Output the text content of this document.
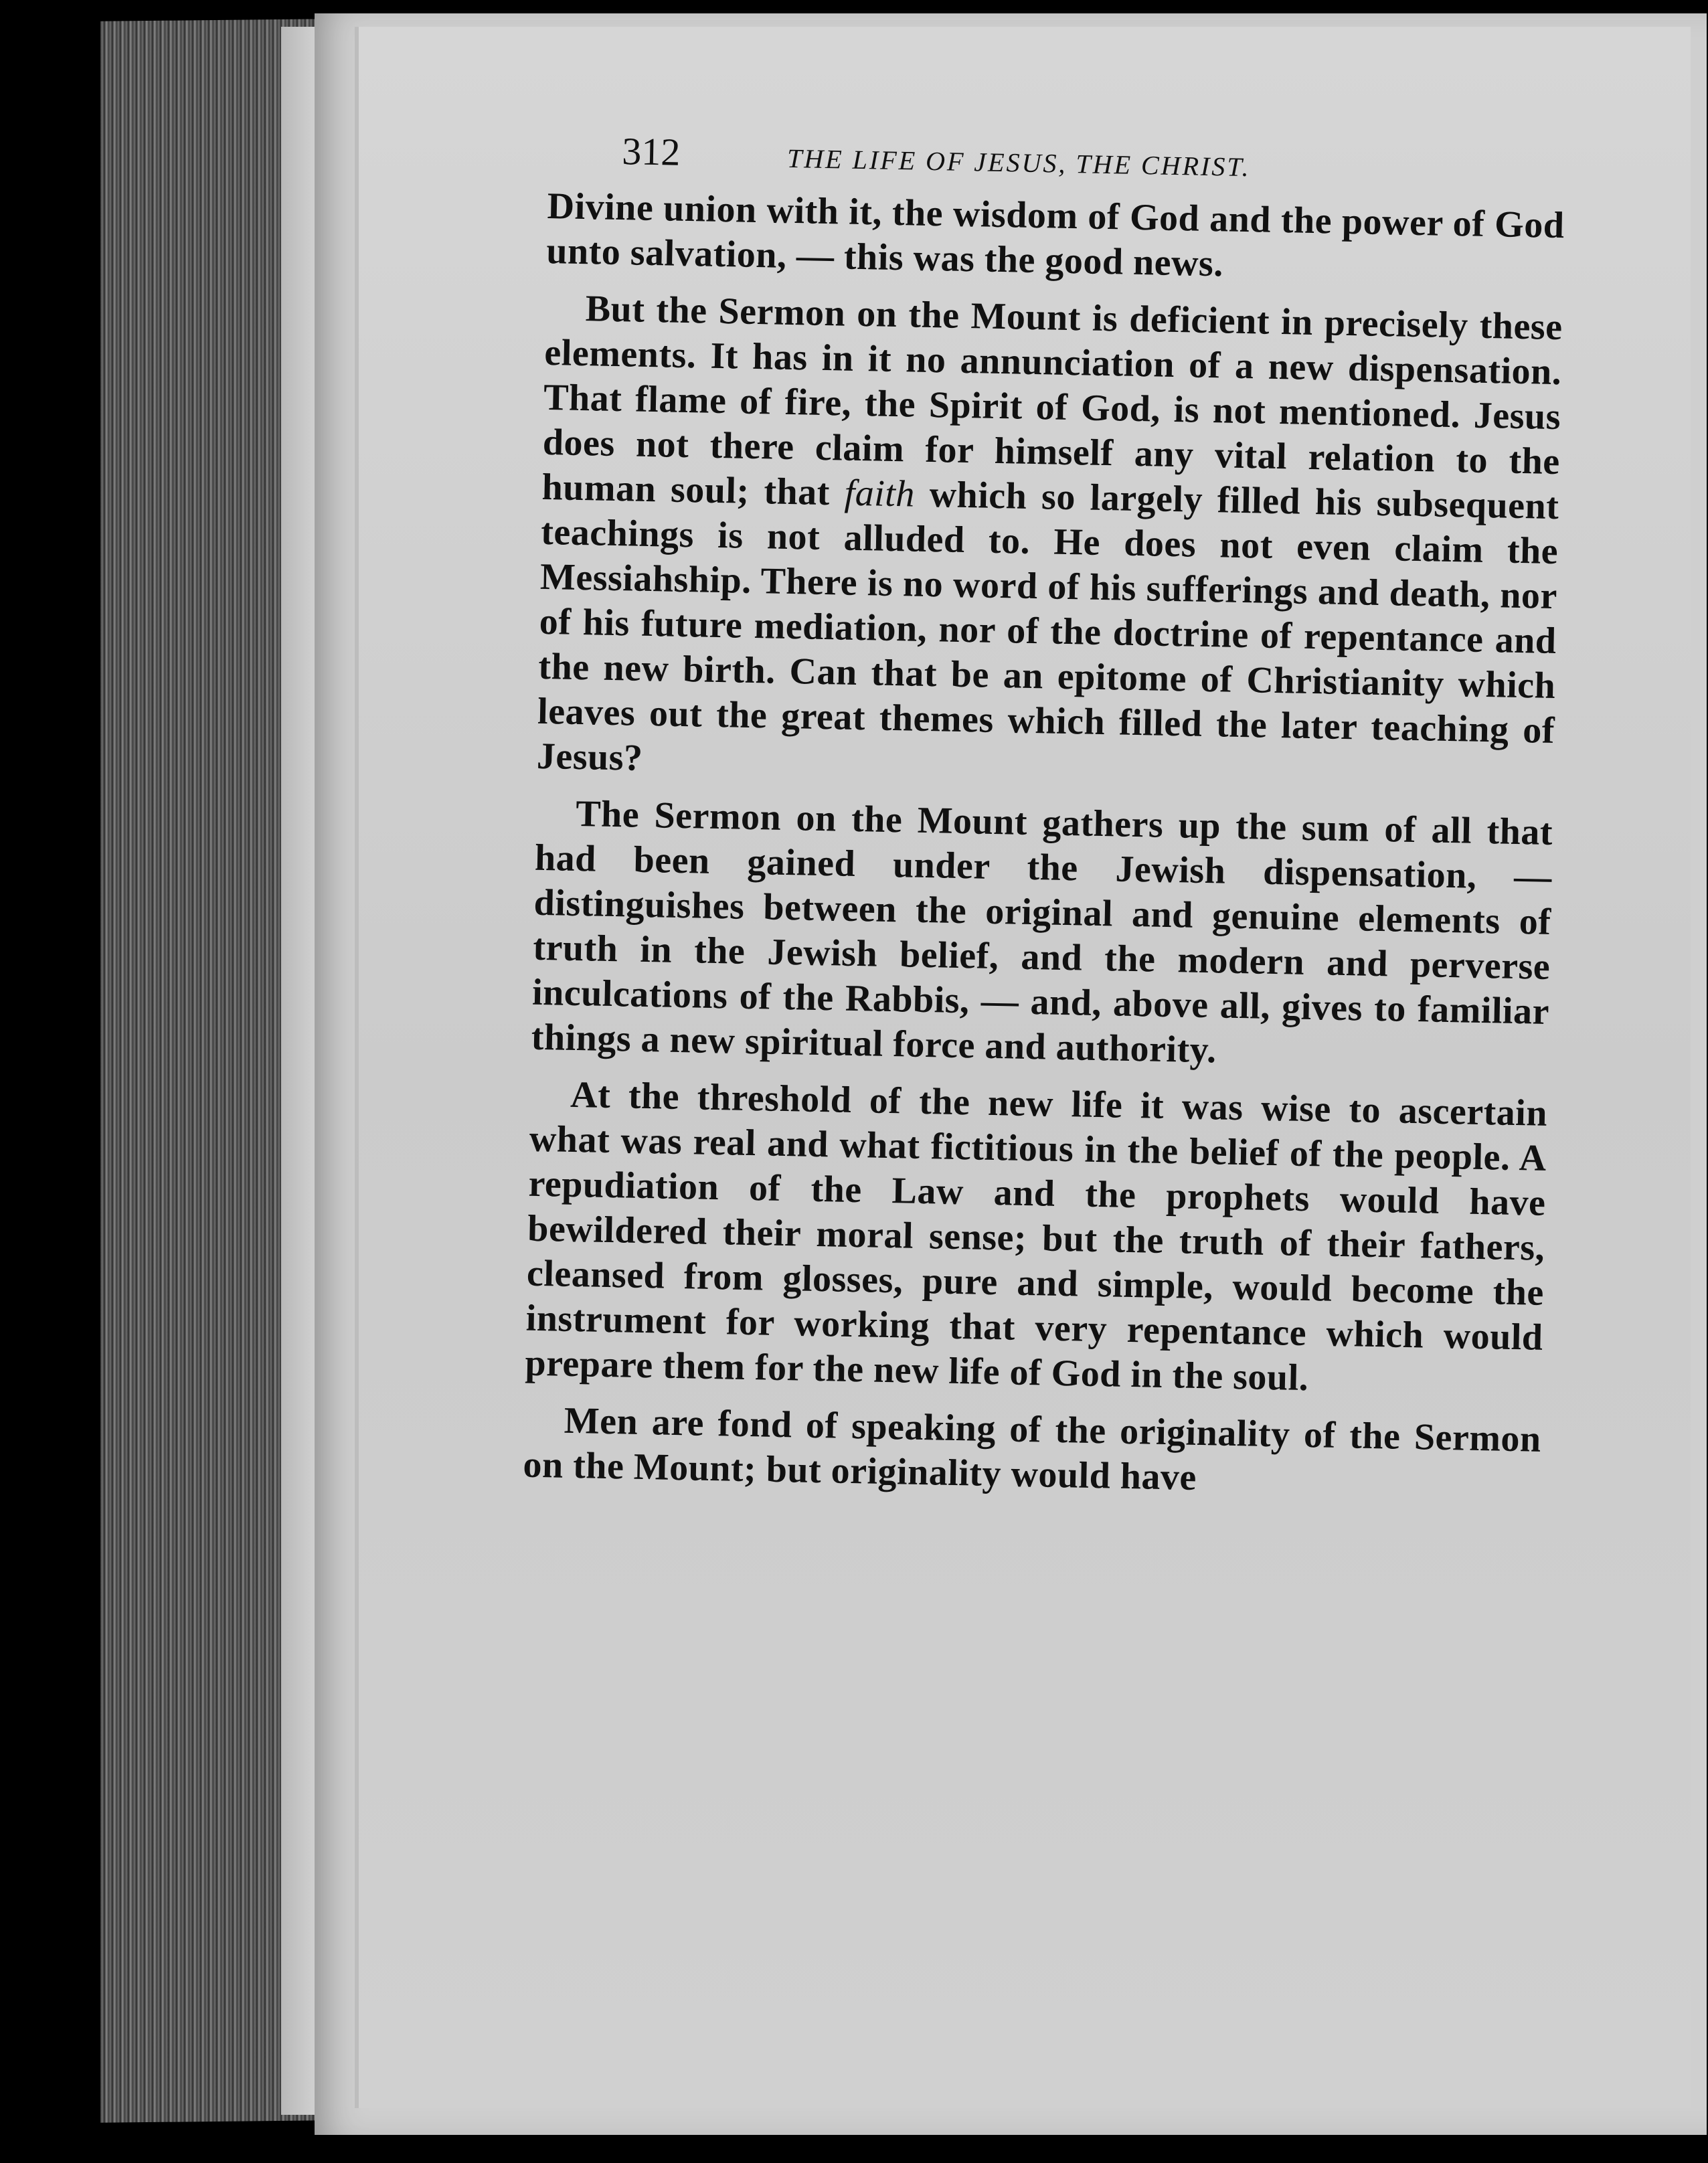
312	THE LIFE OF JESUS, THE CHRIST.

Divine union with it, the wisdom of God and the power of God unto salvation, — this was the good news.

But the Sermon on the Mount is deficient in precisely these elements. It has in it no annunciation of a new dispensation. That flame of fire, the Spirit of God, is not mentioned. Jesus does not there claim for himself any vital relation to the human soul; that faith which so largely filled his subsequent teachings is not alluded to. He does not even claim the Messiahship. There is no word of his sufferings and death, nor of his future mediation, nor of the doctrine of repentance and the new birth. Can that be an epitome of Christianity which leaves out the great themes which filled the later teaching of Jesus?

The Sermon on the Mount gathers up the sum of all that had been gained under the Jewish dispensation, — distinguishes between the original and genuine elements of truth in the Jewish belief, and the modern and perverse inculcations of the Rabbis, — and, above all, gives to familiar things a new spiritual force and authority.

At the threshold of the new life it was wise to ascertain what was real and what fictitious in the belief of the people. A repudiation of the Law and the prophets would have bewildered their moral sense; but the truth of their fathers, cleansed from glosses, pure and simple, would become the instrument for working that very repentance which would prepare them for the new life of God in the soul.

Men are fond of speaking of the originality of the Sermon on the Mount; but originality would have
